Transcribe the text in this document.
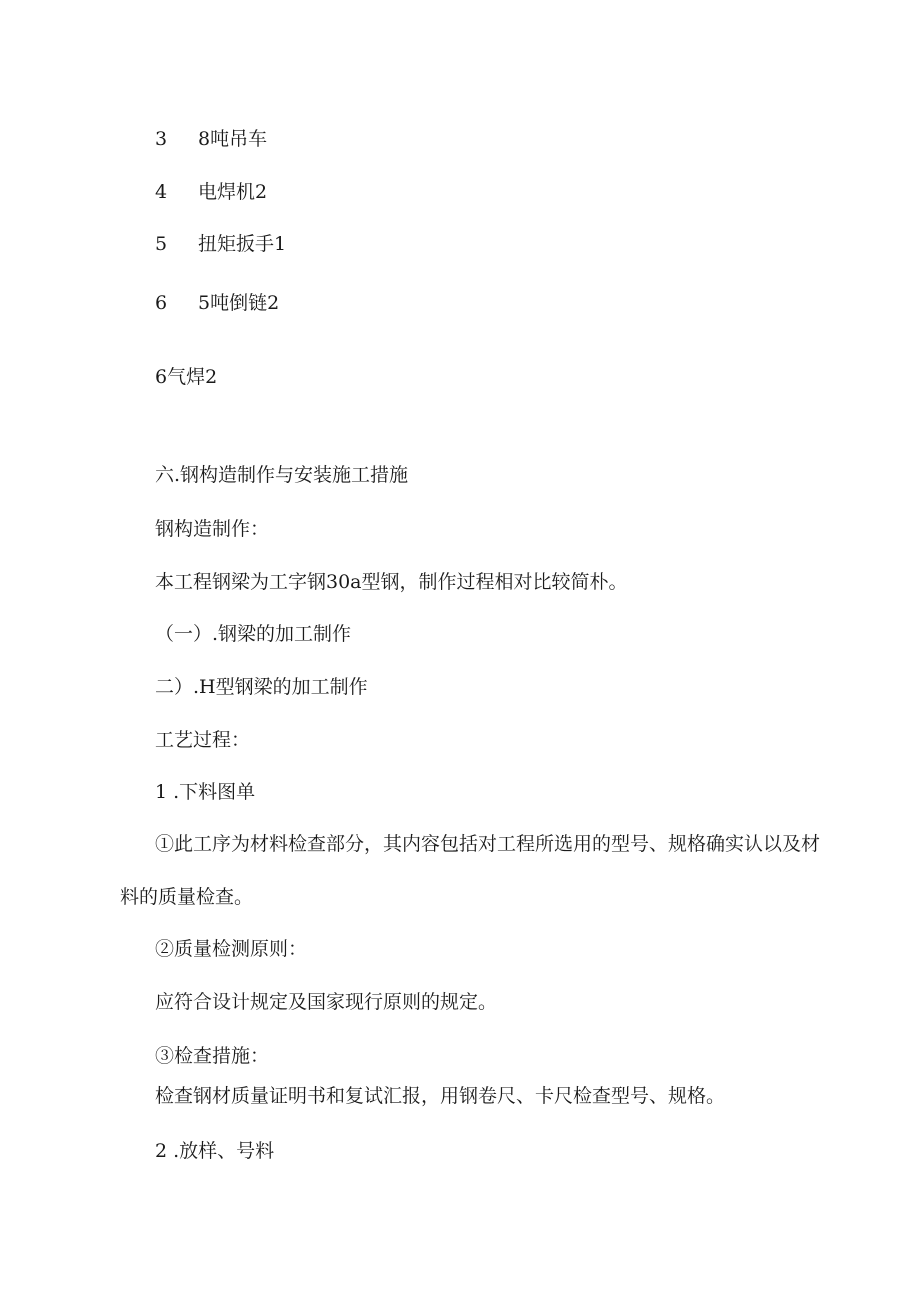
3 8吨吊车
4 电焊机2
5 扭矩扳手1
6 5吨倒链2
6气焊2
六.钢构造制作与安装施工措施
钢构造制作：
本工程钢梁为工字钢30a型钢，制作过程相对比较简朴。
（一）.钢梁的加工制作
二）.H型钢梁的加工制作
工艺过程：
1 .下料图单
①此工序为材料检查部分，其内容包括对工程所选用的型号、规格确实认以及材
料的质量检查。
②质量检测原则：
应符合设计规定及国家现行原则的规定。
③检查措施：
检查钢材质量证明书和复试汇报，用钢卷尺、卡尺检查型号、规格。
2 .放样、号料
